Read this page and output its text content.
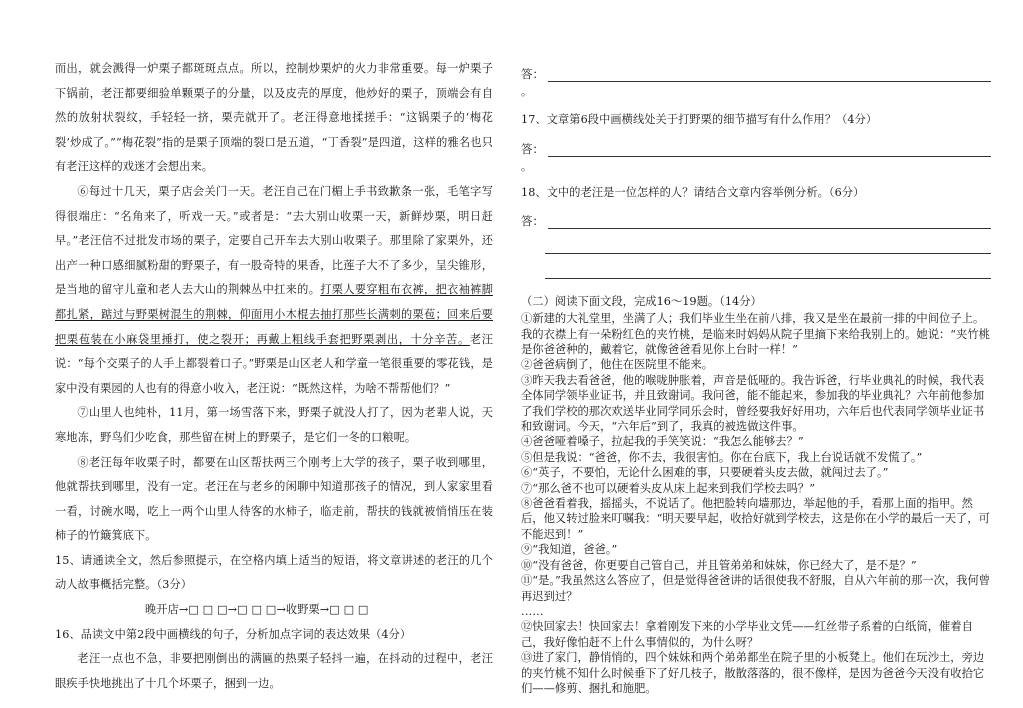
而出，就会溅得一炉栗子都斑斑点点。所以，控制炒栗炉的火力非常重要。每一炉栗子下锅前，老汪都要细验单颗栗子的分量，以及皮壳的厚度，他炒好的栗子，顶端会有自然的放射状裂纹，手轻轻一挤，栗壳就开了。老汪得意地揉搓手：“这锅栗子的‘梅花裂’炒成了。”“梅花裂”指的是栗子顶端的裂口是五道，“丁香裂”是四道，这样的雅名也只有老汪这样的戏迷才会想出来。

⑥每过十几天，栗子店会关门一天。老汪自己在门楣上手书致歉条一张，毛笔字写得很端庄：“名角来了，听戏一天。”或者是：“去大别山收栗一天，新鲜炒栗，明日赶早。”老汪信不过批发市场的栗子，定要自己开车去大别山收栗子。那里除了家栗外，还出产一种口感细腻粉甜的野栗子，有一股奇特的果香，比莲子大不了多少，呈尖锥形，是当地的留守儿童和老人去大山的荆棘丛中扛来的。打栗人要穿粗布衣裤，把衣袖裤脚都扎紧，踮过与野栗树混生的荆棘，仰面用小木棍去抽打那些长满刺的栗苞；回来后要把栗苞装在小麻袋里捶打，使之裂开；再戴上粗线手套把野栗剥出，十分辛苦。老汪说：“每个交栗子的人手上都裂着口子。”野栗是山区老人和学童一笔很重要的零花钱，是家中没有栗园的人也有的得意小收入，老汪说：“既然这样，为啥不帮帮他们？”

⑦山里人也纯朴，11月，第一场雪落下来，野栗子就没人打了，因为老辈人说，天寒地冻，野鸟们少吃食，那些留在树上的野栗子，是它们一冬的口粮呢。

⑧老汪每年收栗子时，都要在山区帮扶两三个刚考上大学的孩子，栗子收到哪里，他就帮扶到哪里，没有一定。老汪在与老乡的闲聊中知道那孩子的情况，到人家家里看一看，讨碗水喝，吃上一两个山里人待客的水柿子，临走前，帮扶的钱就被悄悄压在装柿子的竹簸箕底下。

15、请通读全文，然后参照提示，在空格内填上适当的短语，将文章讲述的老汪的几个动人故事概括完整。（3分）

晚开店→□ □ □→□ □ □→收野栗→□ □ □

16、品读文中第2段中画横线的句子，分析加点字词的表达效果（4分）

老汪一点也不急，非要把刚倒出的满匾的热栗子轻抖一遍，在抖动的过程中，老汪眼疾手快地挑出了十几个坏栗子，捆到一边。

答：
。

17、文章第6段中画横线处关于打野栗的细节描写有什么作用？（4分）

答：
。

18、文中的老汪是一位怎样的人？请结合文章内容举例分析。（6分）

答：

（二）阅读下面文段，完成16～19题。（14分）

①新建的大礼堂里，坐满了人；我们毕业生坐在前八排，我又是坐在最前一排的中间位子上。我的衣襟上有一朵粉红色的夹竹桃，是临来时妈妈从院子里摘下来给我别上的。她说：“夹竹桃是你爸爸种的，戴着它，就像爸爸看见你上台时一样！”

②爸爸病倒了，他住在医院里不能来。

③昨天我去看爸爸，他的喉咙肿胀着，声音是低哑的。我告诉爸，行毕业典礼的时候，我代表全体同学领毕业证书，并且致谢词。我问爸，能不能起来，参加我的毕业典礼？六年前他参加了我们学校的那次欢送毕业同学同乐会时，曾经要我好好用功，六年后也代表同学领毕业证书和致谢词。今天，“六年后”到了，我真的被选做这件事。

④爸爸哑着嗓子，拉起我的手笑笑说：“我怎么能够去？”

⑤但是我说：“爸爸，你不去，我很害怕。你在台底下，我上台说话就不发慌了。”

⑥“英子，不要怕，无论什么困难的事，只要硬着头皮去做，就闯过去了。”

⑦“那么爸不也可以硬着头皮从床上起来到我们学校去吗？”

⑧爸爸看着我，摇摇头，不说话了。他把脸转向墙那边，举起他的手，看那上面的指甲。然后，他又转过脸来叮嘱我：“明天要早起，收拾好就到学校去，这是你在小学的最后一天了，可不能迟到！”

⑨“我知道，爸爸。”

⑩“没有爸爸，你更要自己管自己，并且管弟弟和妹妹，你已经大了，是不是？”

⑪“是。”我虽然这么答应了，但是觉得爸爸讲的话很使我不舒服，自从六年前的那一次，我何曾再迟到过？

……

⑫快回家去！快回家去！拿着刚发下来的小学毕业文凭——红丝带子系着的白纸筒，催着自己，我好像怕赶不上什么事情似的，为什么呀？

⑬进了家门，静悄悄的，四个妹妹和两个弟弟都坐在院子里的小板凳上。他们在玩沙土，旁边的夹竹桃不知什么时候垂下了好几枝子，散散落落的，很不像样，是因为爸爸今天没有收拾它们——修剪、捆扎和施肥。
